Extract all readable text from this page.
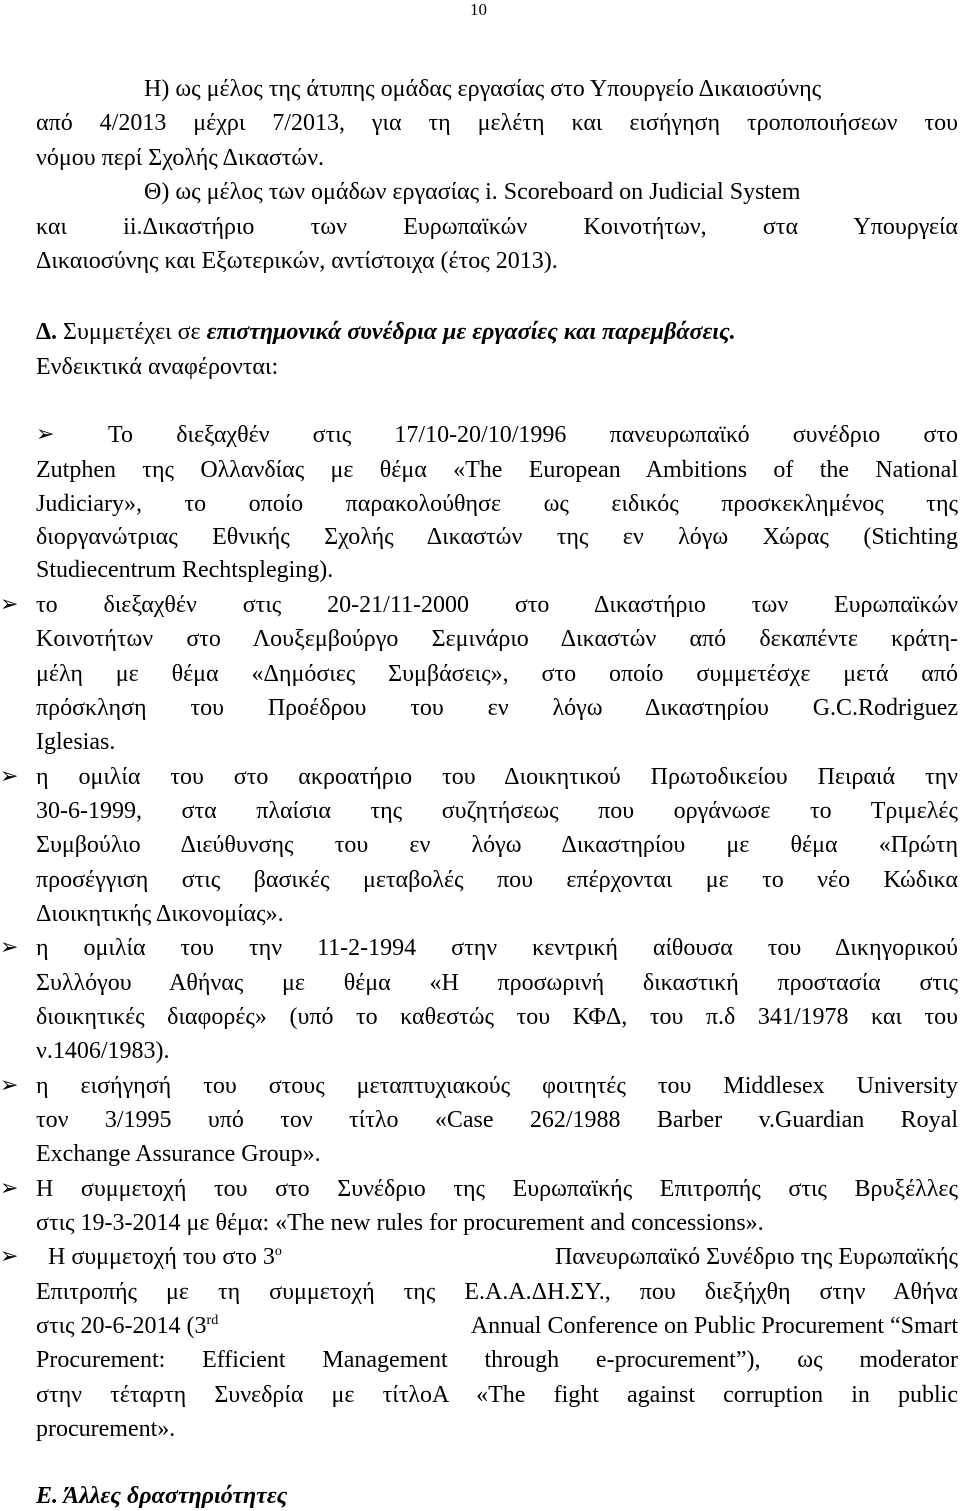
10
Η) ως μέλος της άτυπης ομάδας εργασίας στο Υπουργείο Δικαιοσύνης
από 4/2013 μέχρι 7/2013, για τη μελέτη και εισήγηση τροποποιήσεων του
νόμου περί Σχολής Δικαστών.
Θ) ως μέλος των ομάδων εργασίας i. Scoreboard on Judicial System
και ii.Δικαστήριο των Ευρωπαϊκών Κοινοτήτων, στα Υπουργεία
Δικαιοσύνης και Εξωτερικών, αντίστοιχα (έτος 2013).
Δ. Συμμετέχει σε επιστημονικά συνέδρια με εργασίες και παρεμβάσεις.
Ενδεικτικά αναφέρονται:
➢ Το διεξαχθέν στις 17/10-20/10/1996 πανευρωπαϊκό συνέδριο στο
Zutphen της Ολλανδίας με θέμα «The European Ambitions of the National
Judiciary», το οποίο παρακολούθησε ως ειδικός προσκεκλημένος της
διοργανώτριας Εθνικής Σχολής Δικαστών της εν λόγω Χώρας (Stichting
Studiecentrum Rechtspleging).
➢ το διεξαχθέν στις 20-21/11-2000 στο Δικαστήριο των Ευρωπαϊκών
Κοινοτήτων στο Λουξεμβούργο Σεμινάριο Δικαστών από δεκαπέντε κράτη-
μέλη με θέμα «Δημόσιες Συμβάσεις», στο οποίο συμμετέσχε μετά από
πρόσκληση του Προέδρου του εν λόγω Δικαστηρίου G.C.Rodriguez
Iglesias.
➢ η ομιλία του στο ακροατήριο του Διοικητικού Πρωτοδικείου Πειραιά την
30-6-1999, στα πλαίσια της συζητήσεως που οργάνωσε το Τριμελές
Συμβούλιο Διεύθυνσης του εν λόγω Δικαστηρίου με θέμα «Πρώτη
προσέγγιση στις βασικές μεταβολές που επέρχονται με το νέο Κώδικα
Διοικητικής Δικονομίας».
➢ η ομιλία του την 11-2-1994 στην κεντρική αίθουσα του Δικηγορικού
Συλλόγου Αθήνας με θέμα «Η προσωρινή δικαστική προστασία στις
διοικητικές διαφορές» (υπό το καθεστώς του ΚΦΔ, του π.δ 341/1978 και του
ν.1406/1983).
➢ η εισήγησή του στους μεταπτυχιακούς φοιτητές του Middlesex University
τον 3/1995 υπό τον τίτλο «Case 262/1988 Barber v.Guardian Royal
Exchange Assurance Group».
➢ Η συμμετοχή του στο Συνέδριο της Ευρωπαϊκής Επιτροπής στις Βρυξέλλες
στις 19-3-2014 με θέμα: «The new rules for procurement and concessions».
➢ Η συμμετοχή του στο $3^o$	Πανευρωπαϊκό Συνέδριο της Ευρωπαϊκής
Επιτροπής με τη συμμετοχή της Ε.Α.Α.ΔΗ.ΣΥ., που διεξήχθη στην Αθήνα
στις 20-6-2014 (3rd	Annual Conference on Public Procurement “Smart
Procurement: Efficient Management through e-procurement”), ως moderator
στην τέταρτη Συνεδρία με τίτλοA «The fight against corruption in public
procurement».
Ε. Άλλες δραστηριότητες
